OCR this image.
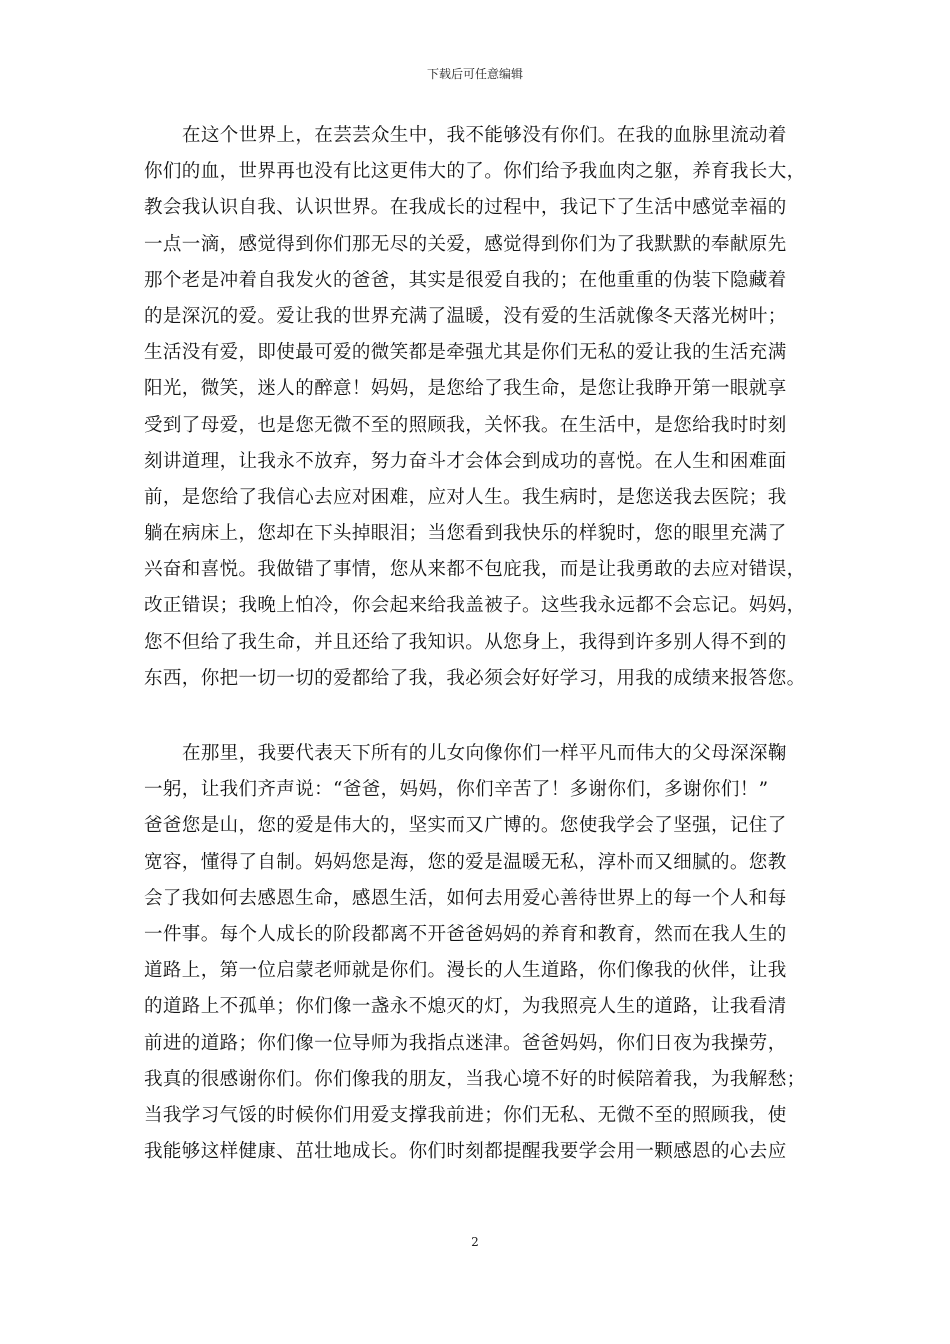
下载后可任意编辑
在这个世界上，在芸芸众生中，我不能够没有你们。在我的血脉里流动着
你们的血，世界再也没有比这更伟大的了。你们给予我血肉之躯，养育我长大，
教会我认识自我、认识世界。在我成长的过程中，我记下了生活中感觉幸福的
一点一滴，感觉得到你们那无尽的关爱，感觉得到你们为了我默默的奉献原先
那个老是冲着自我发火的爸爸，其实是很爱自我的；在他重重的伪装下隐藏着
的是深沉的爱。爱让我的世界充满了温暖，没有爱的生活就像冬天落光树叶；
生活没有爱，即使最可爱的微笑都是牵强尤其是你们无私的爱让我的生活充满
阳光，微笑，迷人的醉意！妈妈，是您给了我生命，是您让我睁开第一眼就享
受到了母爱，也是您无微不至的照顾我，关怀我。在生活中，是您给我时时刻
刻讲道理，让我永不放弃，努力奋斗才会体会到成功的喜悦。在人生和困难面
前，是您给了我信心去应对困难，应对人生。我生病时，是您送我去医院；我
躺在病床上，您却在下头掉眼泪；当您看到我快乐的样貌时，您的眼里充满了
兴奋和喜悦。我做错了事情，您从来都不包庇我，而是让我勇敢的去应对错误，
改正错误；我晚上怕冷，你会起来给我盖被子。这些我永远都不会忘记。妈妈，
您不但给了我生命，并且还给了我知识。从您身上，我得到许多别人得不到的
东西，你把一切一切的爱都给了我，我必须会好好学习，用我的成绩来报答您。
在那里，我要代表天下所有的儿女向像你们一样平凡而伟大的父母深深鞠
一躬，让我们齐声说：“爸爸，妈妈，你们辛苦了！多谢你们，多谢你们！”
爸爸您是山，您的爱是伟大的，坚实而又广博的。您使我学会了坚强，记住了
宽容，懂得了自制。妈妈您是海，您的爱是温暖无私，淳朴而又细腻的。您教
会了我如何去感恩生命，感恩生活，如何去用爱心善待世界上的每一个人和每
一件事。每个人成长的阶段都离不开爸爸妈妈的养育和教育，然而在我人生的
道路上，第一位启蒙老师就是你们。漫长的人生道路，你们像我的伙伴，让我
的道路上不孤单；你们像一盏永不熄灭的灯，为我照亮人生的道路，让我看清
前进的道路；你们像一位导师为我指点迷津。爸爸妈妈，你们日夜为我操劳，
我真的很感谢你们。你们像我的朋友，当我心境不好的时候陪着我，为我解愁；
当我学习气馁的时候你们用爱支撑我前进；你们无私、无微不至的照顾我，使
我能够这样健康、茁壮地成长。你们时刻都提醒我要学会用一颗感恩的心去应
2
